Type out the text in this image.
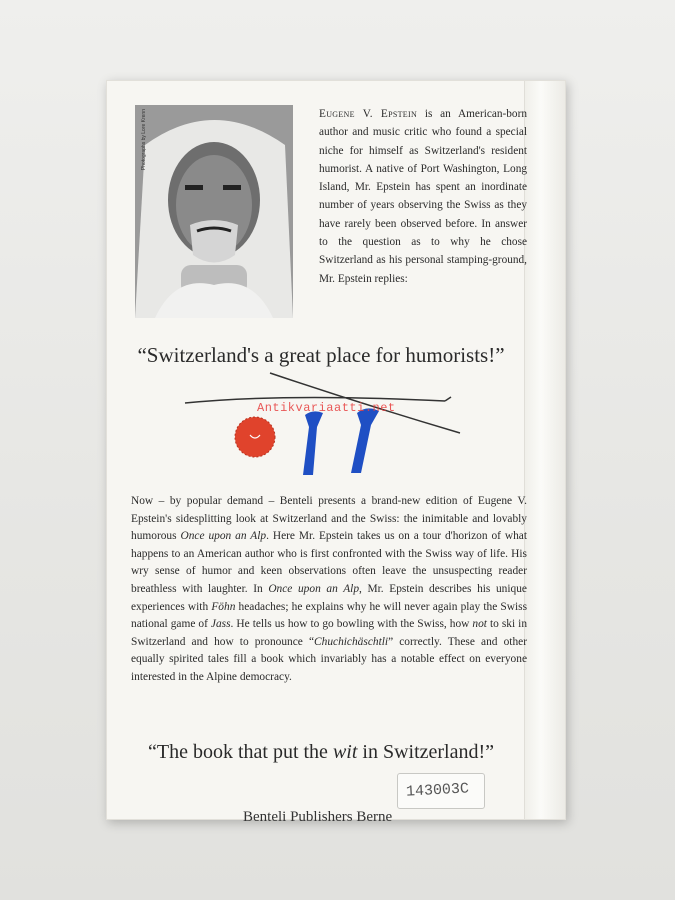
Photographs by Lore Krenn	Eugene V. Epstein is an American-born author and music critic who found a special niche for himself as Switzerland's resident humorist. A native of Port Washington, Long Island, Mr. Epstein has spent an inordinate number of years observing the Swiss as they have rarely been observed before. In answer to the question as to why he chose Switzerland as his personal stamping-ground, Mr. Epstein replies:
“Switzerland's a great place for humorists!”
Antikvariaatti.net
Now – by popular demand – Benteli presents a brand-new edition of Eugene V. Epstein's sidesplitting look at Switzerland and the Swiss: the inimitable and lovably humorous Once upon an Alp. Here Mr. Epstein takes us on a tour d'horizon of what happens to an American author who is first confronted with the Swiss way of life. His wry sense of humor and keen observations often leave the unsuspecting reader breathless with laughter. In Once upon an Alp, Mr. Epstein describes his unique experiences with Föhn headaches; he explains why he will never again play the Swiss national game of Jass. He tells us how to go bowling with the Swiss, how not to ski in Switzerland and how to pronounce “Chuchichäschtli” correctly. These and other equally spirited tales fill a book which invariably has a notable effect on everyone interested in the Alpine democracy.
“The book that put the wit in Switzerland!”
143003C
Benteli Publishers Berne
